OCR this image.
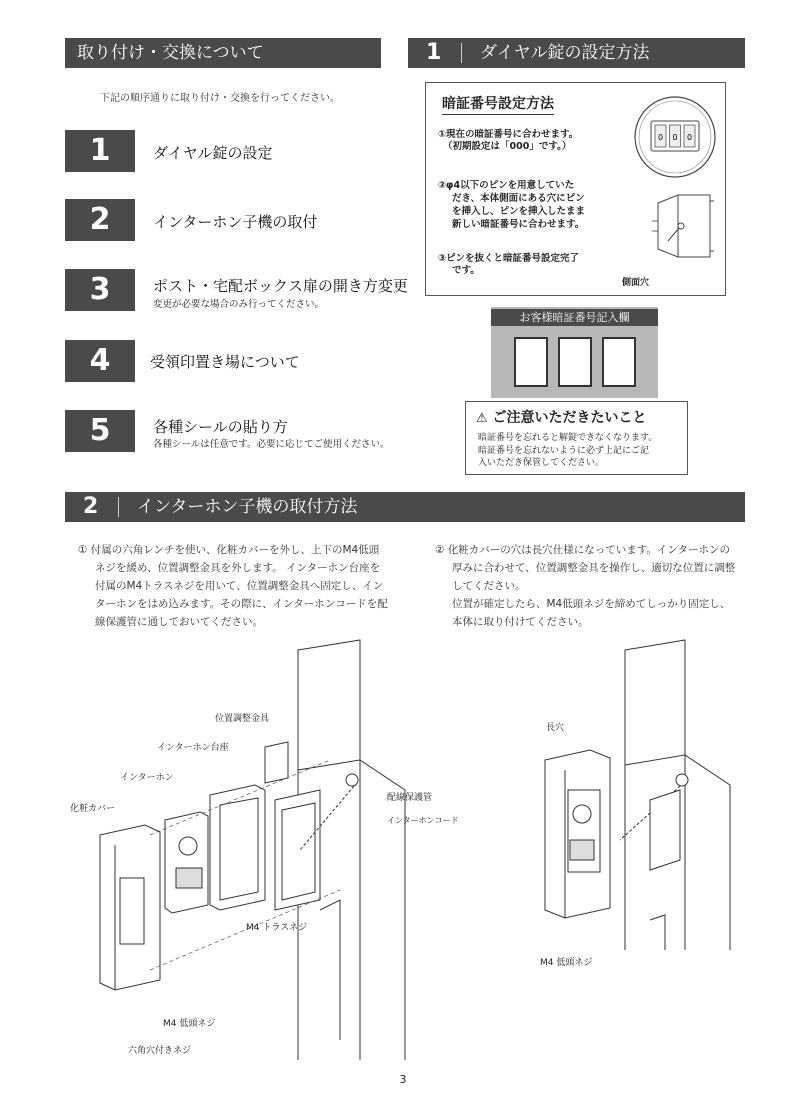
取り付け・交換について
下記の順序通りに取り付け・交換を行ってください。
1	ダイヤル錠の設定
2	インターホン子機の取付
3	ポスト・宅配ボックス扉の開き方変更
変更が必要な場合のみ行ってください。
4	受領印置き場について
5	各種シールの貼り方
各種シールは任意です。必要に応じてご使用ください。
1 ダイヤル錠の設定方法
暗証番号設定方法
①現在の暗証番号に合わせます。
（初期設定は「000」です。）
②φ4以下のピンを用意していた
だき、本体側面にある穴にピン
を挿入し、ピンを挿入したまま
新しい暗証番号に合わせます。
③ピンを抜くと暗証番号設定完了
です。
0 0 0
側面穴
お客様暗証番号記入欄
⚠ ご注意いただきたいこと
暗証番号を忘れると解錠できなくなります。
暗証番号を忘れないように必ず上記にご記
入いただき保管してください。
2 インターホン子機の取付方法
① 付属の六角レンチを使い、化粧カバーを外し、上下のM4低頭
ネジを緩め、位置調整金具を外します。 インターホン台座を
付属のM4トラスネジを用いて、位置調整金具へ固定し、イン
ターホンをはめ込みます。その際に、インターホンコードを配
線保護管に通しておいてください。
② 化粧カバーの穴は長穴仕様になっています。インターホンの
厚みに合わせて、位置調整金具を操作し、適切な位置に調整
してください。
位置が確定したら、M4低頭ネジを締めてしっかり固定し、
本体に取り付けてください。
位置調整金具
インターホン台座
インターホン
化粧カバー
配線保護管
インターホンコード
M4 トラスネジ
M4 低頭ネジ
六角穴付きネジ
長穴
M4 低頭ネジ
3
